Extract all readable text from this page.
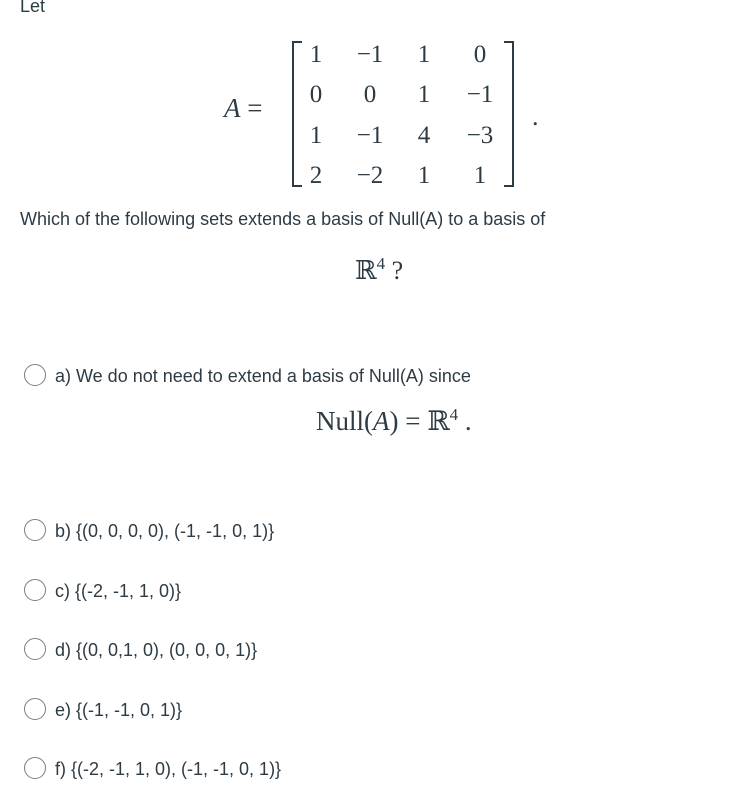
Let
A =
1	−1	1	0
0	0	1	−1
1	−1	4	−3
2	−2	1	1
.
Which of the following sets extends a basis of Null(A) to a basis of
ℝ$^4$ ?
a) We do not need to extend a basis of Null(A) since
Null(A) = ℝ$^4$ .
b) {(0, 0, 0, 0), (-1, -1, 0, 1)}
c) {(-2, -1, 1, 0)}
d) {(0, 0,1, 0), (0, 0, 0, 1)}
e) {(-1, -1, 0, 1)}
f) {(-2, -1, 1, 0), (-1, -1, 0, 1)}
